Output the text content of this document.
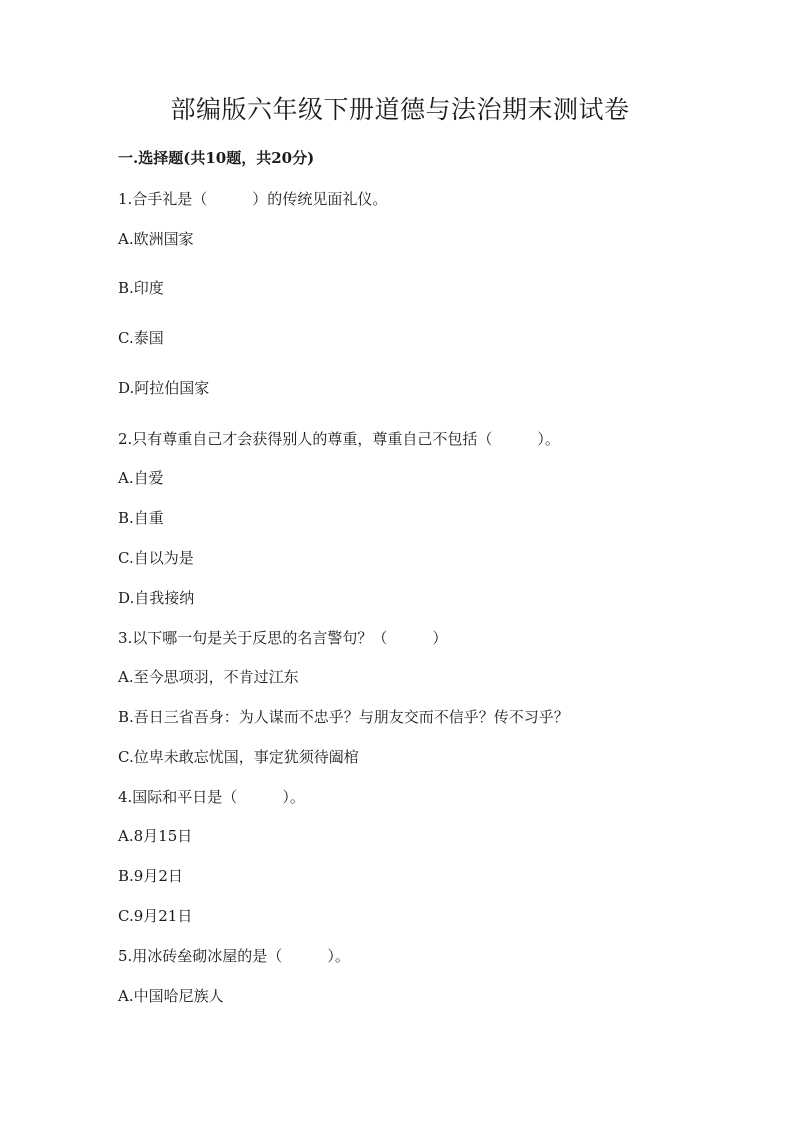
部编版六年级下册道德与法治期末测试卷
一.选择题(共10题，共20分)
1.合手礼是（　　　）的传统见面礼仪。
A.欧洲国家
B.印度
C.泰国
D.阿拉伯国家
2.只有尊重自己才会获得别人的尊重，尊重自己不包括（　　　）。
A.自爱
B.自重
C.自以为是
D.自我接纳
3.以下哪一句是关于反思的名言警句？（　　　）
A.至今思项羽，不肯过江东
B.吾日三省吾身：为人谋而不忠乎？与朋友交而不信乎？传不习乎？
C.位卑未敢忘忧国，事定犹须待阖棺
4.国际和平日是（　　　）。
A.8月15日
B.9月2日
C.9月21日
5.用冰砖垒砌冰屋的是（　　　）。
A.中国哈尼族人
